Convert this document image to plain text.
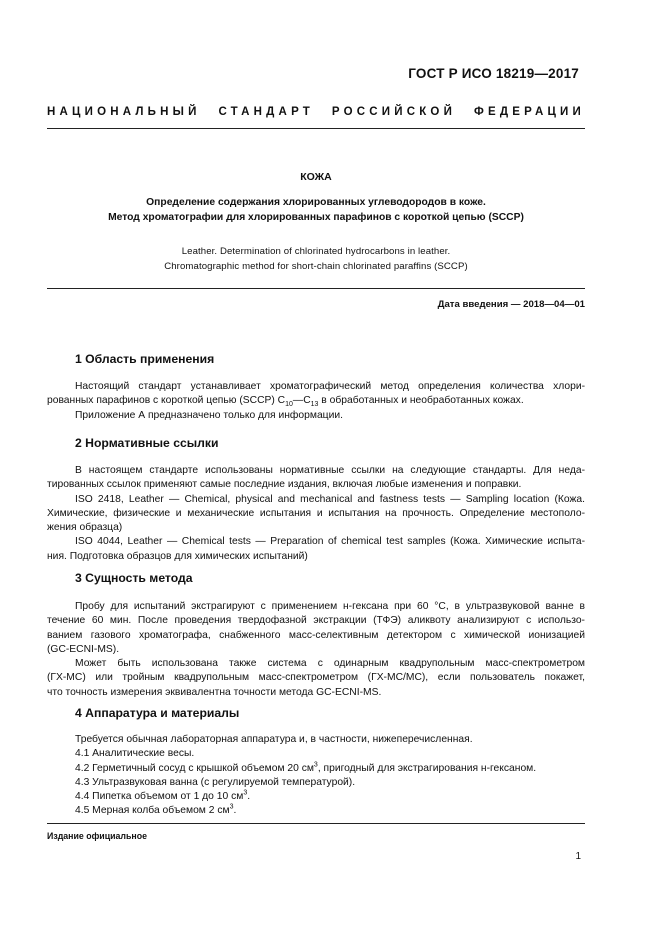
ГОСТ Р ИСО 18219—2017
НАЦИОНАЛЬНЫЙ СТАНДАРТ РОССИЙСКОЙ ФЕДЕРАЦИИ
КОЖА
Определение содержания хлорированных углеводородов в коже.
Метод хроматографии для хлорированных парафинов с короткой цепью (SCCP)
Leather. Determination of chlorinated hydrocarbons in leather.
Chromatographic method for short-chain chlorinated paraffins (SCCP)
Дата введения — 2018—04—01
1 Область применения
Настоящий стандарт устанавливает хроматографический метод определения количества хлори-
рованных парафинов с короткой цепью (SCCP) $C_{10}—C_{13}$ в обработанных и необработанных кожах.
Приложение А предназначено только для информации.
2 Нормативные ссылки
В настоящем стандарте использованы нормативные ссылки на следующие стандарты. Для неда-
тированных ссылок применяют самые последние издания, включая любые изменения и поправки.
ISO 2418, Leather — Chemical, physical and mechanical and fastness tests — Sampling location (Кожа.
Химические, физические и механические испытания и испытания на прочность. Определение местополо-
жения образца)
ISO 4044, Leather — Chemical tests — Preparation of chemical test samples (Кожа. Химические испыта-
ния. Подготовка образцов для химических испытаний)
3 Сущность метода
Пробу для испытаний экстрагируют с применением н-гексана при 60 °C, в ультразвуковой ванне в
течение 60 мин. После проведения твердофазной экстракции (ТФЭ) аликвоту анализируют с использо-
ванием газового хроматографа, снабженного масс-селективным детектором с химической ионизацией
(GC-ECNI-MS).
Может быть использована также система с одинарным квадрупольным масс-спектрометром
(ГХ-МС) или тройным квадрупольным масс-спектрометром (ГХ-МС/МС), если пользователь покажет,
что точность измерения эквивалентна точности метода GC-ECNI-MS.
4 Аппаратура и материалы
Требуется обычная лабораторная аппаратура и, в частности, нижеперечисленная.
4.1 Аналитические весы.
4.2 Герметичный сосуд с крышкой объемом 20 $см^3$, пригодный для экстрагирования н-гексаном.
4.3 Ультразвуковая ванна (с регулируемой температурой).
4.4 Пипетка объемом от 1 до 10 $см^3$.
4.5 Мерная колба объемом 2 $см^3$.
Издание официальное
1
